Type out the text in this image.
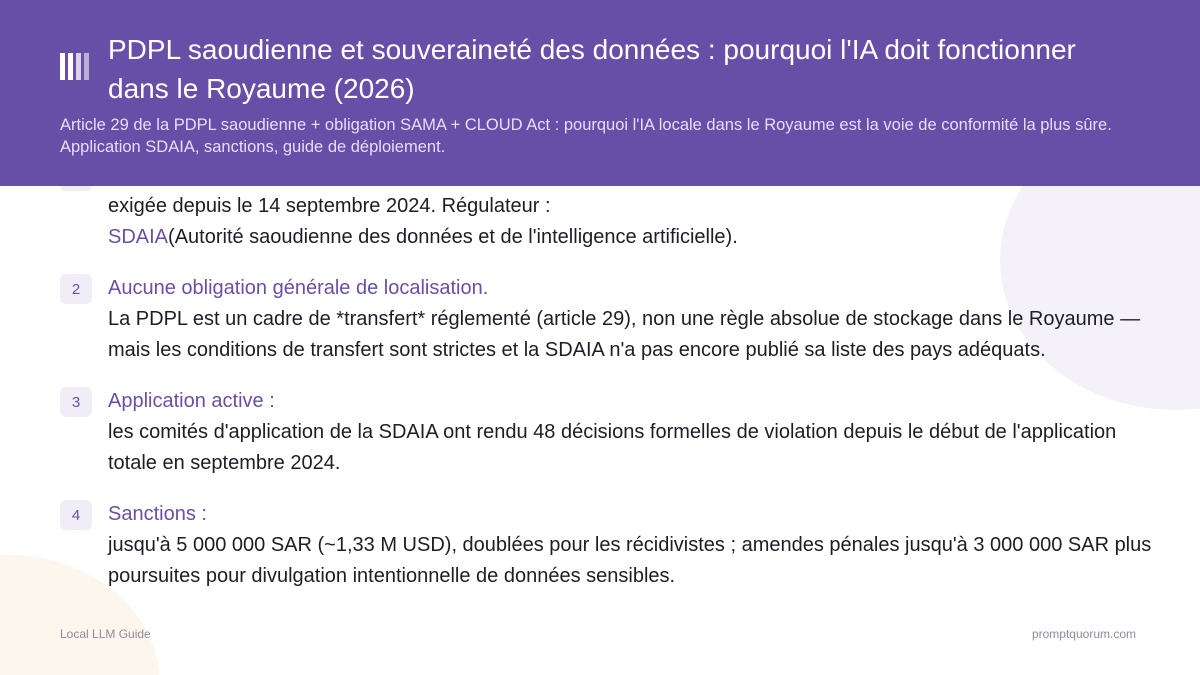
Local LLM Guide	promptquorum.com
exigée depuis le 14 septembre 2024. Régulateur :
SDAIA(Autorité saoudienne des données et de l'intelligence artificielle).
2	Aucune obligation générale de localisation.
La PDPL est un cadre de *transfert* réglementé (article 29), non une règle absolue de stockage dans le Royaume — mais les conditions de transfert sont strictes et la SDAIA n'a pas encore publié sa liste des pays adéquats.
3	Application active :
les comités d'application de la SDAIA ont rendu 48 décisions formelles de violation depuis le début de l'application totale en septembre 2024.
4	Sanctions :
jusqu'à 5 000 000 SAR (~1,33 M USD), doublées pour les récidivistes ; amendes pénales jusqu'à 3 000 000 SAR plus poursuites pour divulgation intentionnelle de données sensibles.
PDPL saoudienne et souveraineté des données : pourquoi l'IA doit fonctionner dans le Royaume (2026)

Article 29 de la PDPL saoudienne + obligation SAMA + CLOUD Act : pourquoi l'IA locale dans le Royaume est la voie de conformité la plus sûre. Application SDAIA, sanctions, guide de déploiement.
